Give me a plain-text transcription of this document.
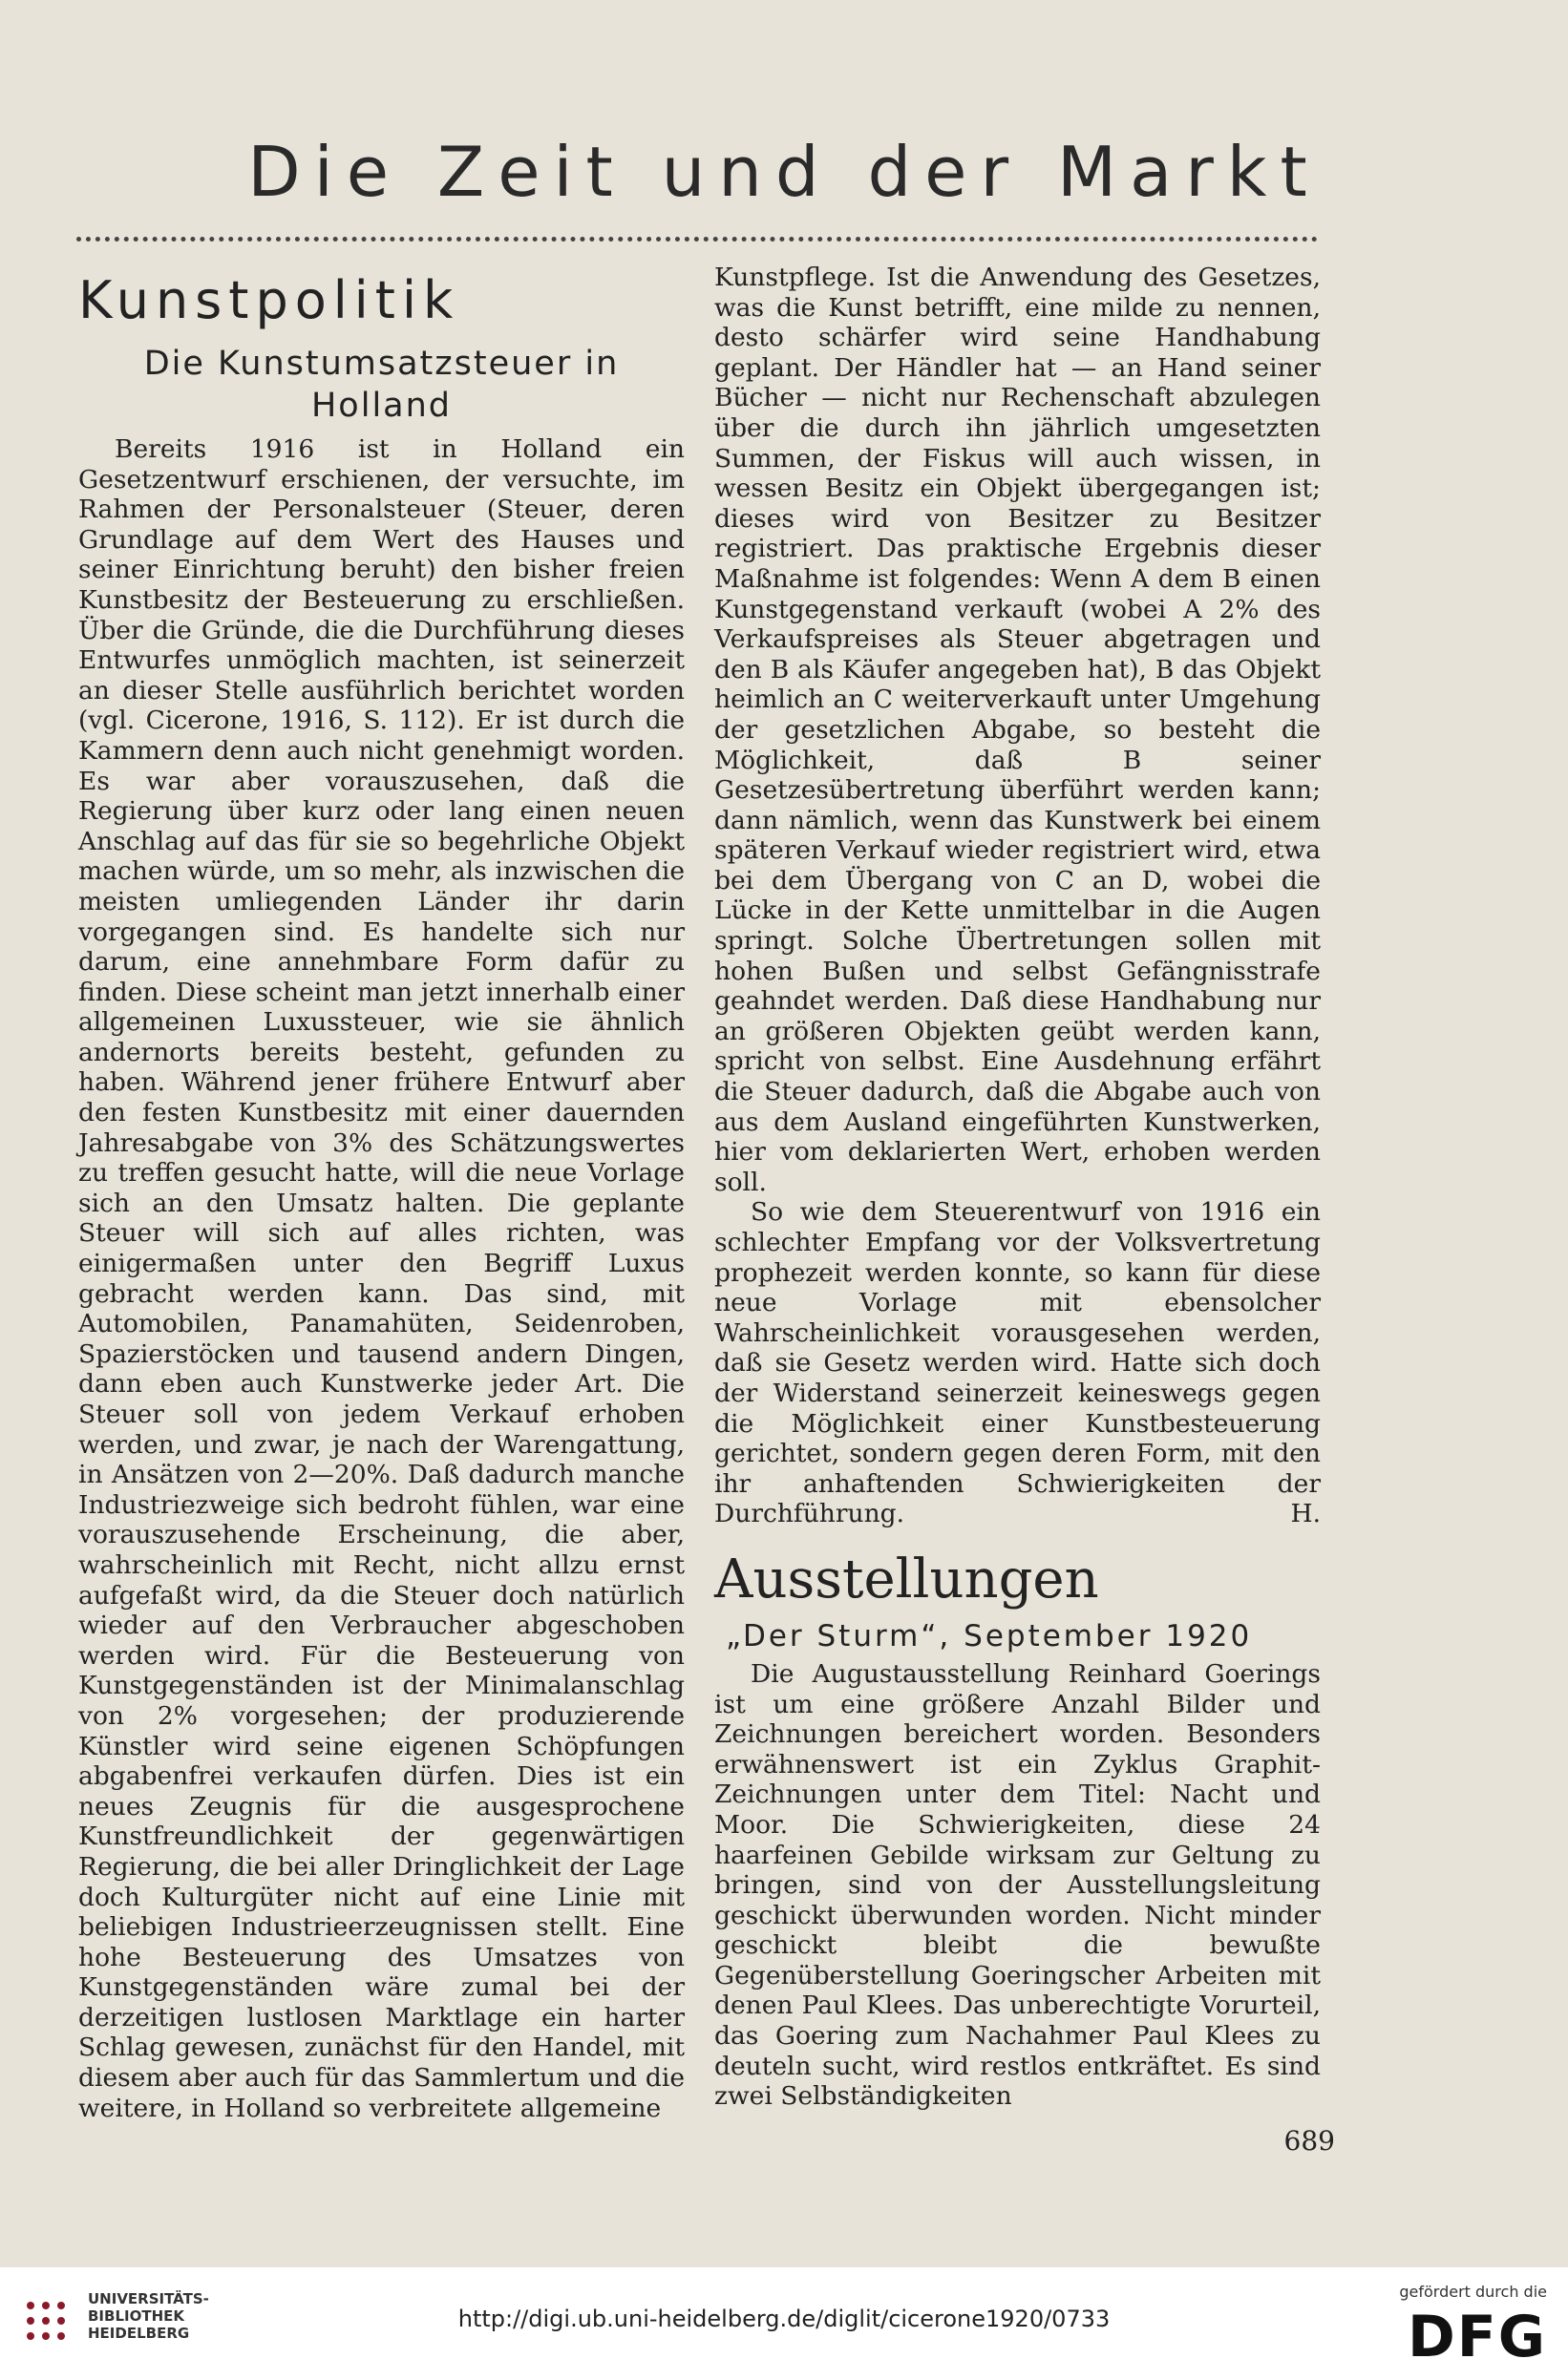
Die Zeit und der Markt
Kunstpolitik
Die Kunstumsatzsteuer in Holland

Bereits 1916 ist in Holland ein Gesetzentwurf erschienen, der versuchte, im Rahmen der Personalsteuer (Steuer, deren Grundlage auf dem Wert des Hauses und seiner Einrichtung beruht) den bisher freien Kunstbesitz der Besteuerung zu erschließen. Über die Gründe, die die Durchführung dieses Entwurfes unmöglich machten, ist seinerzeit an dieser Stelle ausführlich berichtet worden (vgl. Cicerone, 1916, S. 112). Er ist durch die Kammern denn auch nicht genehmigt worden. Es war aber vorauszusehen, daß die Regierung über kurz oder lang einen neuen Anschlag auf das für sie so begehrliche Objekt machen würde, um so mehr, als inzwischen die meisten umliegenden Länder ihr darin vorgegangen sind. Es handelte sich nur darum, eine annehmbare Form dafür zu finden. Diese scheint man jetzt innerhalb einer allgemeinen Luxussteuer, wie sie ähnlich andernorts bereits besteht, gefunden zu haben. Während jener frühere Entwurf aber den festen Kunstbesitz mit einer dauernden Jahresabgabe von 3% des Schätzungswertes zu treffen gesucht hatte, will die neue Vorlage sich an den Umsatz halten. Die geplante Steuer will sich auf alles richten, was einigermaßen unter den Begriff Luxus gebracht werden kann. Das sind, mit Automobilen, Panamahüten, Seidenroben, Spazierstöcken und tausend andern Dingen, dann eben auch Kunstwerke jeder Art. Die Steuer soll von jedem Verkauf erhoben werden, und zwar, je nach der Warengattung, in Ansätzen von 2—20%. Daß dadurch manche Industriezweige sich bedroht fühlen, war eine vorauszusehende Erscheinung, die aber, wahrscheinlich mit Recht, nicht allzu ernst aufgefaßt wird, da die Steuer doch natürlich wieder auf den Verbraucher abgeschoben werden wird. Für die Besteuerung von Kunstgegenständen ist der Minimalanschlag von 2% vorgesehen; der produzierende Künstler wird seine eigenen Schöpfungen abgabenfrei verkaufen dürfen. Dies ist ein neues Zeugnis für die ausgesprochene Kunstfreundlichkeit der gegenwärtigen Regierung, die bei aller Dringlichkeit der Lage doch Kulturgüter nicht auf eine Linie mit beliebigen Industrieerzeugnissen stellt. Eine hohe Besteuerung des Umsatzes von Kunstgegenständen wäre zumal bei der derzeitigen lustlosen Marktlage ein harter Schlag gewesen, zunächst für den Handel, mit diesem aber auch für das Sammlertum und die weitere, in Holland so verbreitete allgemeine

Kunstpflege. Ist die Anwendung des Gesetzes, was die Kunst betrifft, eine milde zu nennen, desto schärfer wird seine Handhabung geplant. Der Händler hat — an Hand seiner Bücher — nicht nur Rechenschaft abzulegen über die durch ihn jährlich umgesetzten Summen, der Fiskus will auch wissen, in wessen Besitz ein Objekt übergegangen ist; dieses wird von Besitzer zu Besitzer registriert. Das praktische Ergebnis dieser Maßnahme ist folgendes: Wenn A dem B einen Kunstgegenstand verkauft (wobei A 2% des Verkaufspreises als Steuer abgetragen und den B als Käufer angegeben hat), B das Objekt heimlich an C weiterverkauft unter Umgehung der gesetzlichen Abgabe, so besteht die Möglichkeit, daß B seiner Gesetzesübertretung überführt werden kann; dann nämlich, wenn das Kunstwerk bei einem späteren Verkauf wieder registriert wird, etwa bei dem Übergang von C an D, wobei die Lücke in der Kette unmittelbar in die Augen springt. Solche Übertretungen sollen mit hohen Bußen und selbst Gefängnisstrafe geahndet werden. Daß diese Handhabung nur an größeren Objekten geübt werden kann, spricht von selbst. Eine Ausdehnung erfährt die Steuer dadurch, daß die Abgabe auch von aus dem Ausland eingeführten Kunstwerken, hier vom deklarierten Wert, erhoben werden soll.

So wie dem Steuerentwurf von 1916 ein schlechter Empfang vor der Volksvertretung prophezeit werden konnte, so kann für diese neue Vorlage mit ebensolcher Wahrscheinlichkeit vorausgesehen werden, daß sie Gesetz werden wird. Hatte sich doch der Widerstand seinerzeit keineswegs gegen die Möglichkeit einer Kunstbesteuerung gerichtet, sondern gegen deren Form, mit den ihr anhaftenden Schwierigkeiten der Durchführung.	H.

Ausstellungen
„Der Sturm“, September 1920

Die Augustausstellung Reinhard Goerings ist um eine größere Anzahl Bilder und Zeichnungen bereichert worden. Besonders erwähnenswert ist ein Zyklus Graphit-Zeichnungen unter dem Titel: Nacht und Moor. Die Schwierigkeiten, diese 24 haarfeinen Gebilde wirksam zur Geltung zu bringen, sind von der Ausstellungsleitung geschickt überwunden worden. Nicht minder geschickt bleibt die bewußte Gegenüberstellung Goeringscher Arbeiten mit denen Paul Klees. Das unberechtigte Vorurteil, das Goering zum Nachahmer Paul Klees zu deuteln sucht, wird restlos entkräftet. Es sind zwei Selbständigkeiten

689
UNIVERSITÄTS-
BIBLIOTHEK
HEIDELBERG
http://digi.ub.uni-heidelberg.de/diglit/cicerone1920/0733
gefördert durch die
DFG
